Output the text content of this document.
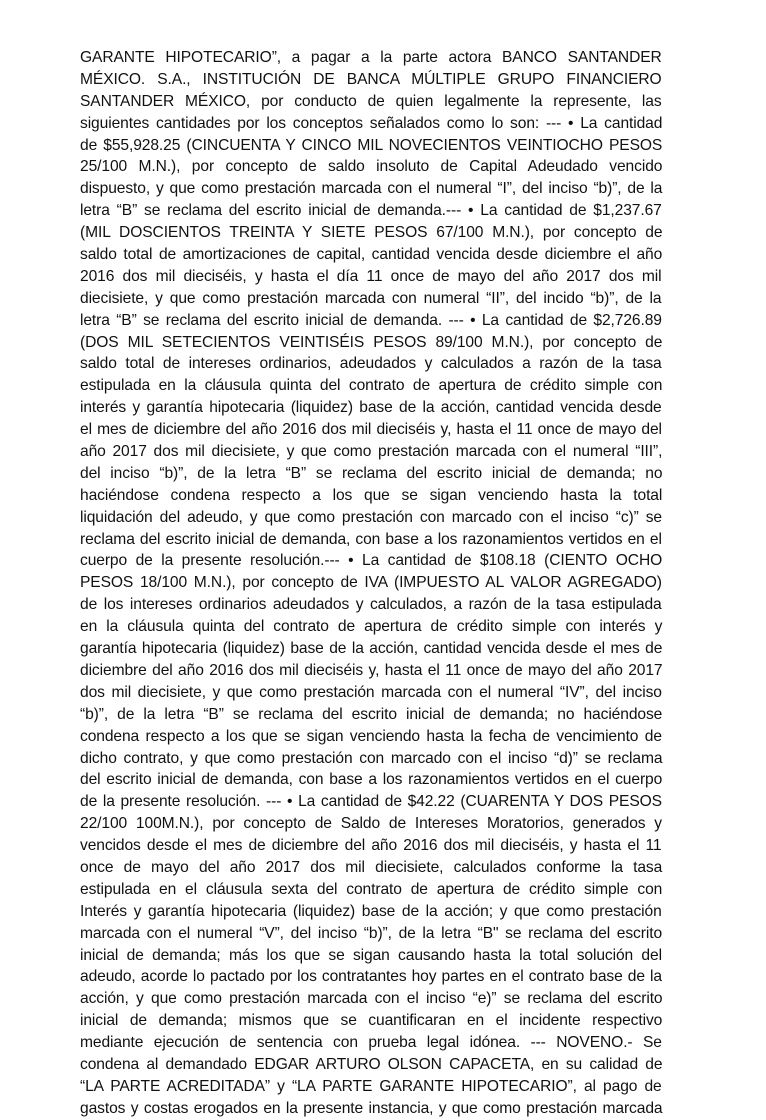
GARANTE HIPOTECARIO”, a pagar a la parte actora BANCO SANTANDER
MÉXICO. S.A., INSTITUCIÓN DE BANCA MÚLTIPLE GRUPO FINANCIERO
SANTANDER MÉXICO, por conducto de quien legalmente la represente, las
siguientes cantidades por los conceptos señalados como lo son: --- • La cantidad
de $55,928.25 (CINCUENTA Y CINCO MIL NOVECIENTOS VEINTIOCHO PESOS
25/100 M.N.), por concepto de saldo insoluto de Capital Adeudado vencido
dispuesto, y que como prestación marcada con el numeral “I”, del inciso “b)”, de la
letra “B” se reclama del escrito inicial de demanda.--- • La cantidad de $1,237.67
(MIL DOSCIENTOS TREINTA Y SIETE PESOS 67/100 M.N.), por concepto de
saldo total de amortizaciones de capital, cantidad vencida desde diciembre el año
2016 dos mil dieciséis, y hasta el día 11 once de mayo del año 2017 dos mil
diecisiete, y que como prestación marcada con numeral “II”, del incido “b)”, de la
letra “B” se reclama del escrito inicial de demanda. --- • La cantidad de $2,726.89
(DOS MIL SETECIENTOS VEINTISÉIS PESOS 89/100 M.N.), por concepto de
saldo total de intereses ordinarios, adeudados y calculados a razón de la tasa
estipulada en la cláusula quinta del contrato de apertura de crédito simple con
interés y garantía hipotecaria (liquidez) base de la acción, cantidad vencida desde
el mes de diciembre del año 2016 dos mil dieciséis y, hasta el 11 once de mayo del
año 2017 dos mil diecisiete, y que como prestación marcada con el numeral “III”,
del inciso “b)”, de la letra “B” se reclama del escrito inicial de demanda; no
haciéndose condena respecto a los que se sigan venciendo hasta la total
liquidación del adeudo, y que como prestación con marcado con el inciso “c)” se
reclama del escrito inicial de demanda, con base a los razonamientos vertidos en el
cuerpo de la presente resolución.--- • La cantidad de $108.18 (CIENTO OCHO
PESOS 18/100 M.N.), por concepto de IVA (IMPUESTO AL VALOR AGREGADO)
de los intereses ordinarios adeudados y calculados, a razón de la tasa estipulada
en la cláusula quinta del contrato de apertura de crédito simple con interés y
garantía hipotecaria (liquidez) base de la acción, cantidad vencida desde el mes de
diciembre del año 2016 dos mil dieciséis y, hasta el 11 once de mayo del año 2017
dos mil diecisiete, y que como prestación marcada con el numeral “IV”, del inciso
“b)”, de la letra “B” se reclama del escrito inicial de demanda; no haciéndose
condena respecto a los que se sigan venciendo hasta la fecha de vencimiento de
dicho contrato, y que como prestación con marcado con el inciso “d)” se reclama
del escrito inicial de demanda, con base a los razonamientos vertidos en el cuerpo
de la presente resolución. --- • La cantidad de $42.22 (CUARENTA Y DOS PESOS
22/100 100M.N.), por concepto de Saldo de Intereses Moratorios, generados y
vencidos desde el mes de diciembre del año 2016 dos mil dieciséis, y hasta el 11
once de mayo del año 2017 dos mil diecisiete, calculados conforme la tasa
estipulada en el cláusula sexta del contrato de apertura de crédito simple con
Interés y garantía hipotecaria (liquidez) base de la acción; y que como prestación
marcada con el numeral “V”, del inciso “b)”, de la letra “B" se reclama del escrito
inicial de demanda; más los que se sigan causando hasta la total solución del
adeudo, acorde lo pactado por los contratantes hoy partes en el contrato base de la
acción, y que como prestación marcada con el inciso “e)” se reclama del escrito
inicial de demanda; mismos que se cuantificaran en el incidente respectivo
mediante ejecución de sentencia con prueba legal idónea. --- NOVENO.- Se
condena al demandado EDGAR ARTURO OLSON CAPACETA, en su calidad de
“LA PARTE ACREDITADA” y “LA PARTE GARANTE HIPOTECARIO”, al pago de
gastos y costas erogados en la presente instancia, y que como prestación marcada
